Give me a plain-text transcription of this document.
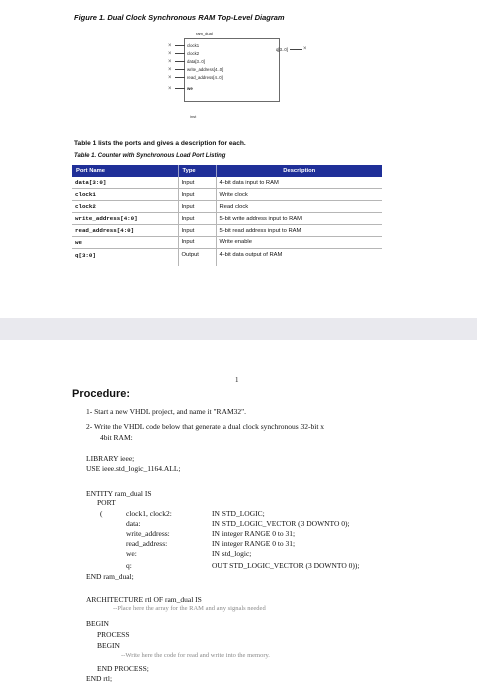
Figure 1. Dual Clock Synchronous RAM Top-Level Diagram
ram_dual
×	clock1
×	clock2
×	data[3..0]
×	write_address[4..0]
×	read_address[4..0]
×	we
q[3..0]	×
inst
Table 1 lists the ports and gives a description for each.
Table 1. Counter with Synchronous Load Port Listing
Port Name	Type	Description
data[3:0]	Input	4-bit data input to RAM
clock1	Input	Write clock
clock2	Input	Read clock
write_address[4:0]	Input	5-bit write address input to RAM
read_address[4:0]	Input	5-bit read address input to RAM
we	Input	Write enable
q[3:0]	Output	4-bit data output of RAM
1
Procedure:
1- Start a new VHDL project, and name it "RAM32".
2- Write the VHDL code below that generate a dual clock synchronous 32-bit x
4bit RAM:
LIBRARY ieee;
USE ieee.std_logic_1164.ALL;
ENTITY ram_dual IS
PORT
(	clock1, clock2:	IN STD_LOGIC;
data:	IN STD_LOGIC_VECTOR (3 DOWNTO 0);
write_address:	IN integer RANGE 0 to 31;
read_address:	IN integer RANGE 0 to 31;
we:	IN std_logic;
q:	OUT STD_LOGIC_VECTOR (3 DOWNTO 0));
END ram_dual;
ARCHITECTURE rtl OF ram_dual IS
--Place here the array for the RAM and any signals needed
BEGIN
PROCESS
BEGIN
--Write here the code for read and write into the memory.
END PROCESS;
END rtl;
